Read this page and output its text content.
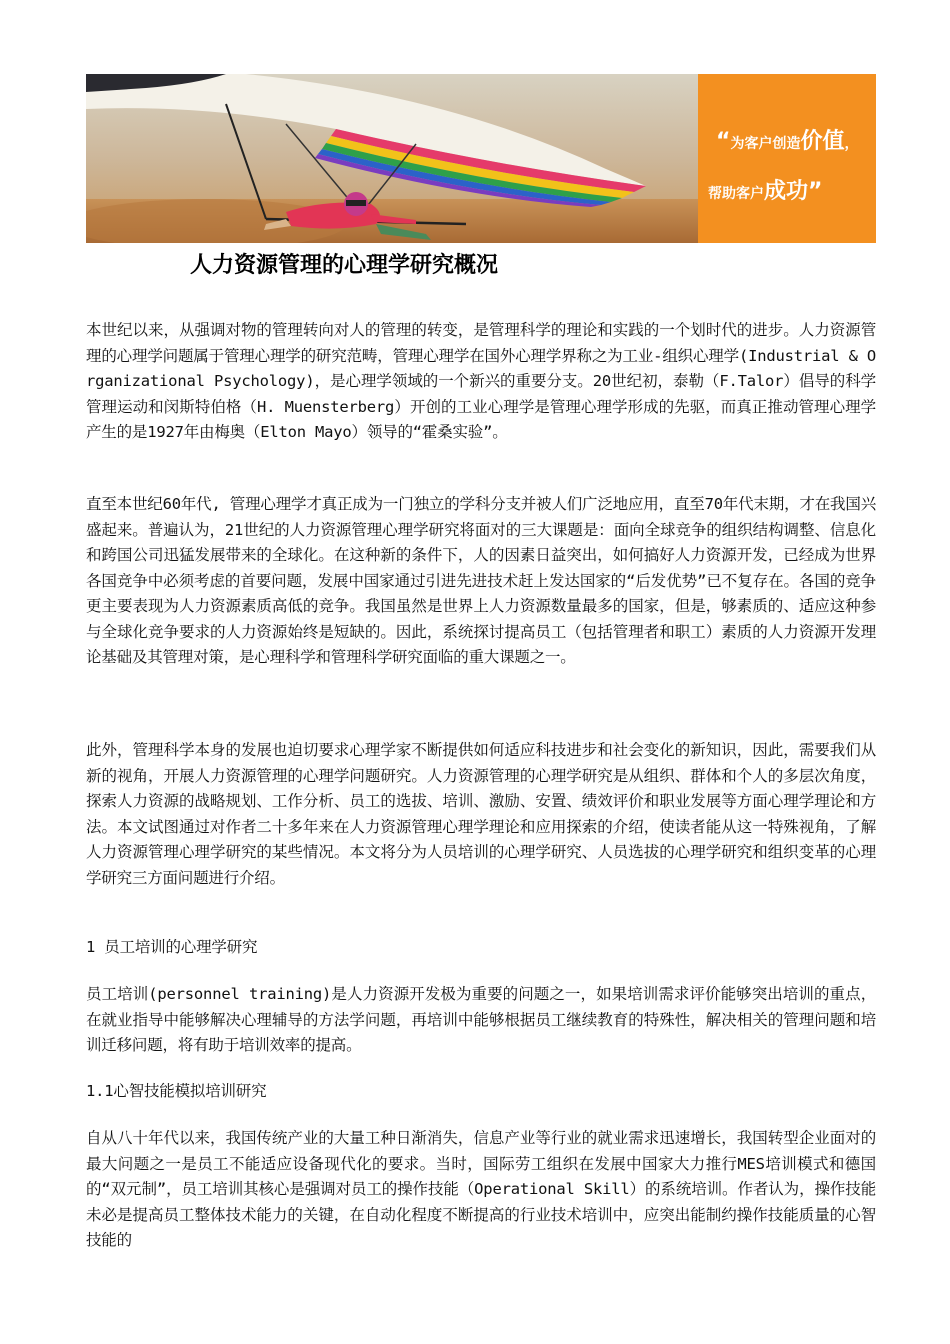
“为客户创造价值，
帮助客户成功”
人力资源管理的心理学研究概况

本世纪以来，从强调对物的管理转向对人的管理的转变，是管理科学的理论和实践的一个划时代的进步。人力资源管理的心理学问题属于管理心理学的研究范畴，管理心理学在国外心理学界称之为工业-组织心理学(Industrial & Organizational Psychology)，是心理学领域的一个新兴的重要分支。20世纪初，泰勒（F.Talor）倡导的科学管理运动和闵斯特伯格（H. Muensterberg）开创的工业心理学是管理心理学形成的先驱，而真正推动管理心理学产生的是1927年由梅奥（Elton Mayo）领导的“霍桑实验”。

直至本世纪60年代, 管理心理学才真正成为一门独立的学科分支并被人们广泛地应用，直至70年代末期，才在我国兴盛起来。普遍认为，21世纪的人力资源管理心理学研究将面对的三大课题是：面向全球竞争的组织结构调整、信息化和跨国公司迅猛发展带来的全球化。在这种新的条件下，人的因素日益突出，如何搞好人力资源开发，已经成为世界各国竞争中必须考虑的首要问题，发展中国家通过引进先进技术赶上发达国家的“后发优势”已不复存在。各国的竞争更主要表现为人力资源素质高低的竞争。我国虽然是世界上人力资源数量最多的国家，但是，够素质的、适应这种参与全球化竞争要求的人力资源始终是短缺的。因此，系统探讨提高员工（包括管理者和职工）素质的人力资源开发理论基础及其管理对策，是心理科学和管理科学研究面临的重大课题之一。

此外，管理科学本身的发展也迫切要求心理学家不断提供如何适应科技进步和社会变化的新知识，因此，需要我们从新的视角，开展人力资源管理的心理学问题研究。人力资源管理的心理学研究是从组织、群体和个人的多层次角度，探索人力资源的战略规划、工作分析、员工的选拔、培训、激励、安置、绩效评价和职业发展等方面心理学理论和方法。本文试图通过对作者二十多年来在人力资源管理心理学理论和应用探索的介绍，使读者能从这一特殊视角，了解人力资源管理心理学研究的某些情况。本文将分为人员培训的心理学研究、人员选拔的心理学研究和组织变革的心理学研究三方面问题进行介绍。

1 员工培训的心理学研究

员工培训(personnel training)是人力资源开发极为重要的问题之一，如果培训需求评价能够突出培训的重点，在就业指导中能够解决心理辅导的方法学问题，再培训中能够根据员工继续教育的特殊性，解决相关的管理问题和培训迁移问题，将有助于培训效率的提高。

1.1心智技能模拟培训研究

自从八十年代以来，我国传统产业的大量工种日渐消失，信息产业等行业的就业需求迅速增长，我国转型企业面对的最大问题之一是员工不能适应设备现代化的要求。当时，国际劳工组织在发展中国家大力推行MES培训模式和德国的“双元制”，员工培训其核心是强调对员工的操作技能（Operational Skill）的系统培训。作者认为，操作技能未必是提高员工整体技术能力的关键，在自动化程度不断提高的行业技术培训中，应突出能制约操作技能质量的心智技能的
